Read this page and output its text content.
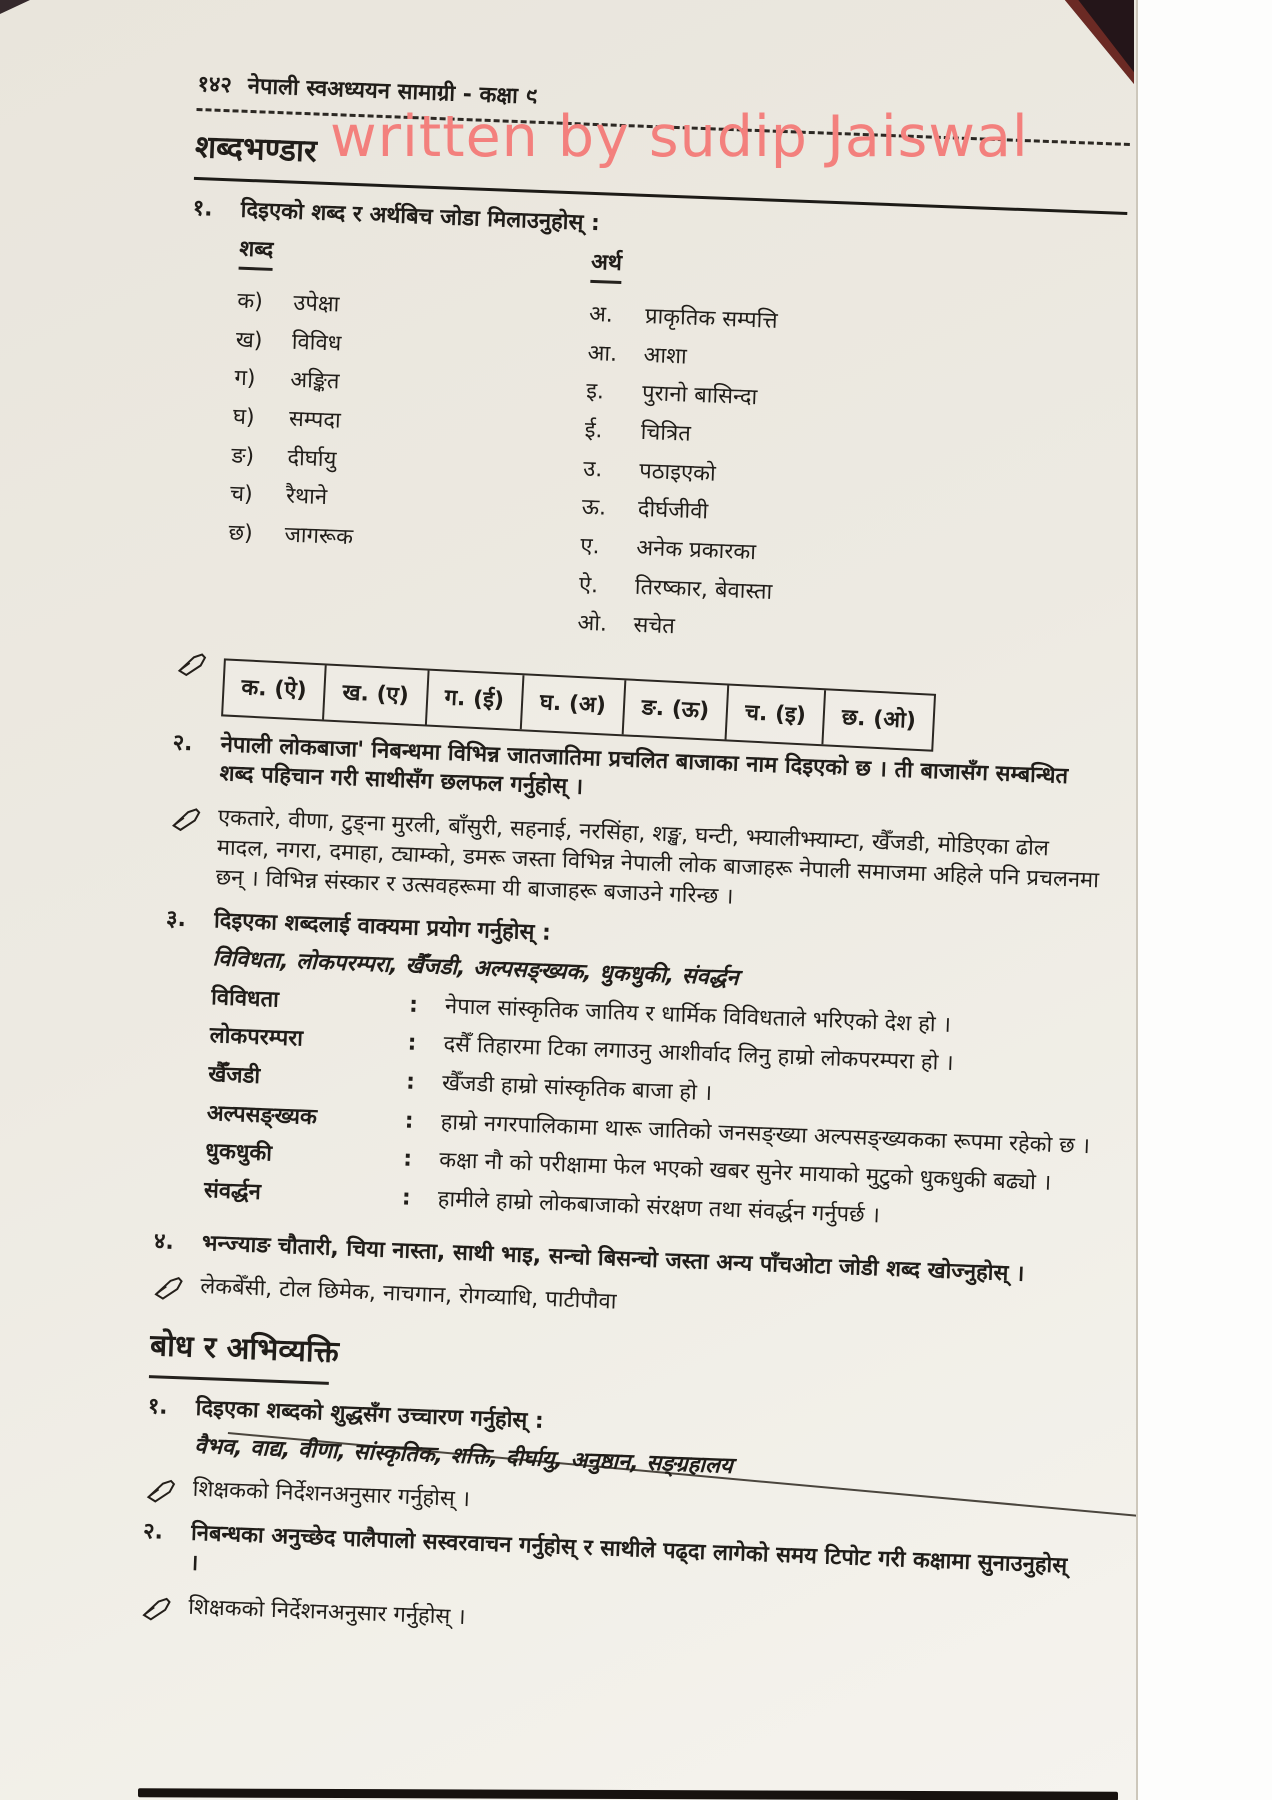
written by sudip Jaiswal
१४२ नेपाली स्वअध्ययन सामाग्री - कक्षा ९
शब्दभण्डार
१.	दिइएको शब्द र अर्थबिच जोडा मिलाउनुहोस् :
शब्द
क)	उपेक्षा
ख)	विविध
ग)	अङ्कित
घ)	सम्पदा
ङ)	दीर्घायु
च)	रैथाने
छ)	जागरूक
अर्थ
अ.	प्राकृतिक सम्पत्ति
आ.	आशा
इ.	पुरानो बासिन्दा
ई.	चित्रित
उ.	पठाइएको
ऊ.	दीर्घजीवी
ए.	अनेक प्रकारका
ऐ.	तिरष्कार, बेवास्ता
ओ.	सचेत
क. (ऐ)	ख. (ए)	ग. (ई)	घ. (अ)	ङ. (ऊ)	च. (इ)	छ. (ओ)
२.	नेपाली लोकबाजा' निबन्धमा विभिन्न जातजातिमा प्रचलित बाजाका नाम दिइएको छ । ती बाजासँग सम्बन्धित शब्द पहिचान गरी साथीसँग छलफल गर्नुहोस् ।

एकतारे, वीणा, टुङ्ना मुरली, बाँसुरी, सहनाई, नरसिंहा, शङ्ख, घन्टी, झ्यालीझ्याम्टा, खैँजडी, मोडिएका ढोल मादल, नगरा, दमाहा, ट्याम्को, डमरू जस्ता विभिन्न नेपाली लोक बाजाहरू नेपाली समाजमा अहिले पनि प्रचलनमा छन् । विभिन्न संस्कार र उत्सवहरूमा यी बाजाहरू बजाउने गरिन्छ ।

३.	दिइएका शब्दलाई वाक्यमा प्रयोग गर्नुहोस् :
विविधता, लोकपरम्परा, खैँजडी, अल्पसङ्ख्यक, धुकधुकी, संवर्द्धन
विविधता	:	नेपाल सांस्कृतिक जातिय र धार्मिक विविधताले भरिएको देश हो ।
लोकपरम्परा	:	दसैँ तिहारमा टिका लगाउनु आशीर्वाद लिनु हाम्रो लोकपरम्परा हो ।
खैँजडी	:	खैँजडी हाम्रो सांस्कृतिक बाजा हो ।
अल्पसङ्ख्यक	:	हाम्रो नगरपालिकामा थारू जातिको जनसङ्ख्या अल्पसङ्ख्यकका रूपमा रहेको छ ।
धुकधुकी	:	कक्षा नौ को परीक्षामा फेल भएको खबर सुनेर मायाको मुटुको धुकधुकी बढ्यो ।
संवर्द्धन	:	हामीले हाम्रो लोकबाजाको संरक्षण तथा संवर्द्धन गर्नुपर्छ ।
४.	भन्ज्याङ चौतारी, चिया नास्ता, साथी भाइ, सन्चो बिसन्चो जस्ता अन्य पाँचओटा जोडी शब्द खोज्नुहोस् ।

लेकबेँसी, टोल छिमेक, नाचगान, रोगव्याधि, पाटीपौवा

बोध र अभिव्यक्ति
१.	दिइएका शब्दको शुद्धसँग उच्चारण गर्नुहोस् :
वैभव, वाद्य, वीणा, सांस्कृतिक, शक्ति, दीर्घायु, अनुष्ठान, सङ्ग्रहालय

शिक्षकको निर्देशनअनुसार गर्नुहोस् ।

२.	निबन्धका अनुच्छेद पालैपालो सस्वरवाचन गर्नुहोस् र साथीले पढ्दा लागेको समय टिपोट गरी कक्षामा सुनाउनुहोस् ।

शिक्षकको निर्देशनअनुसार गर्नुहोस् ।
